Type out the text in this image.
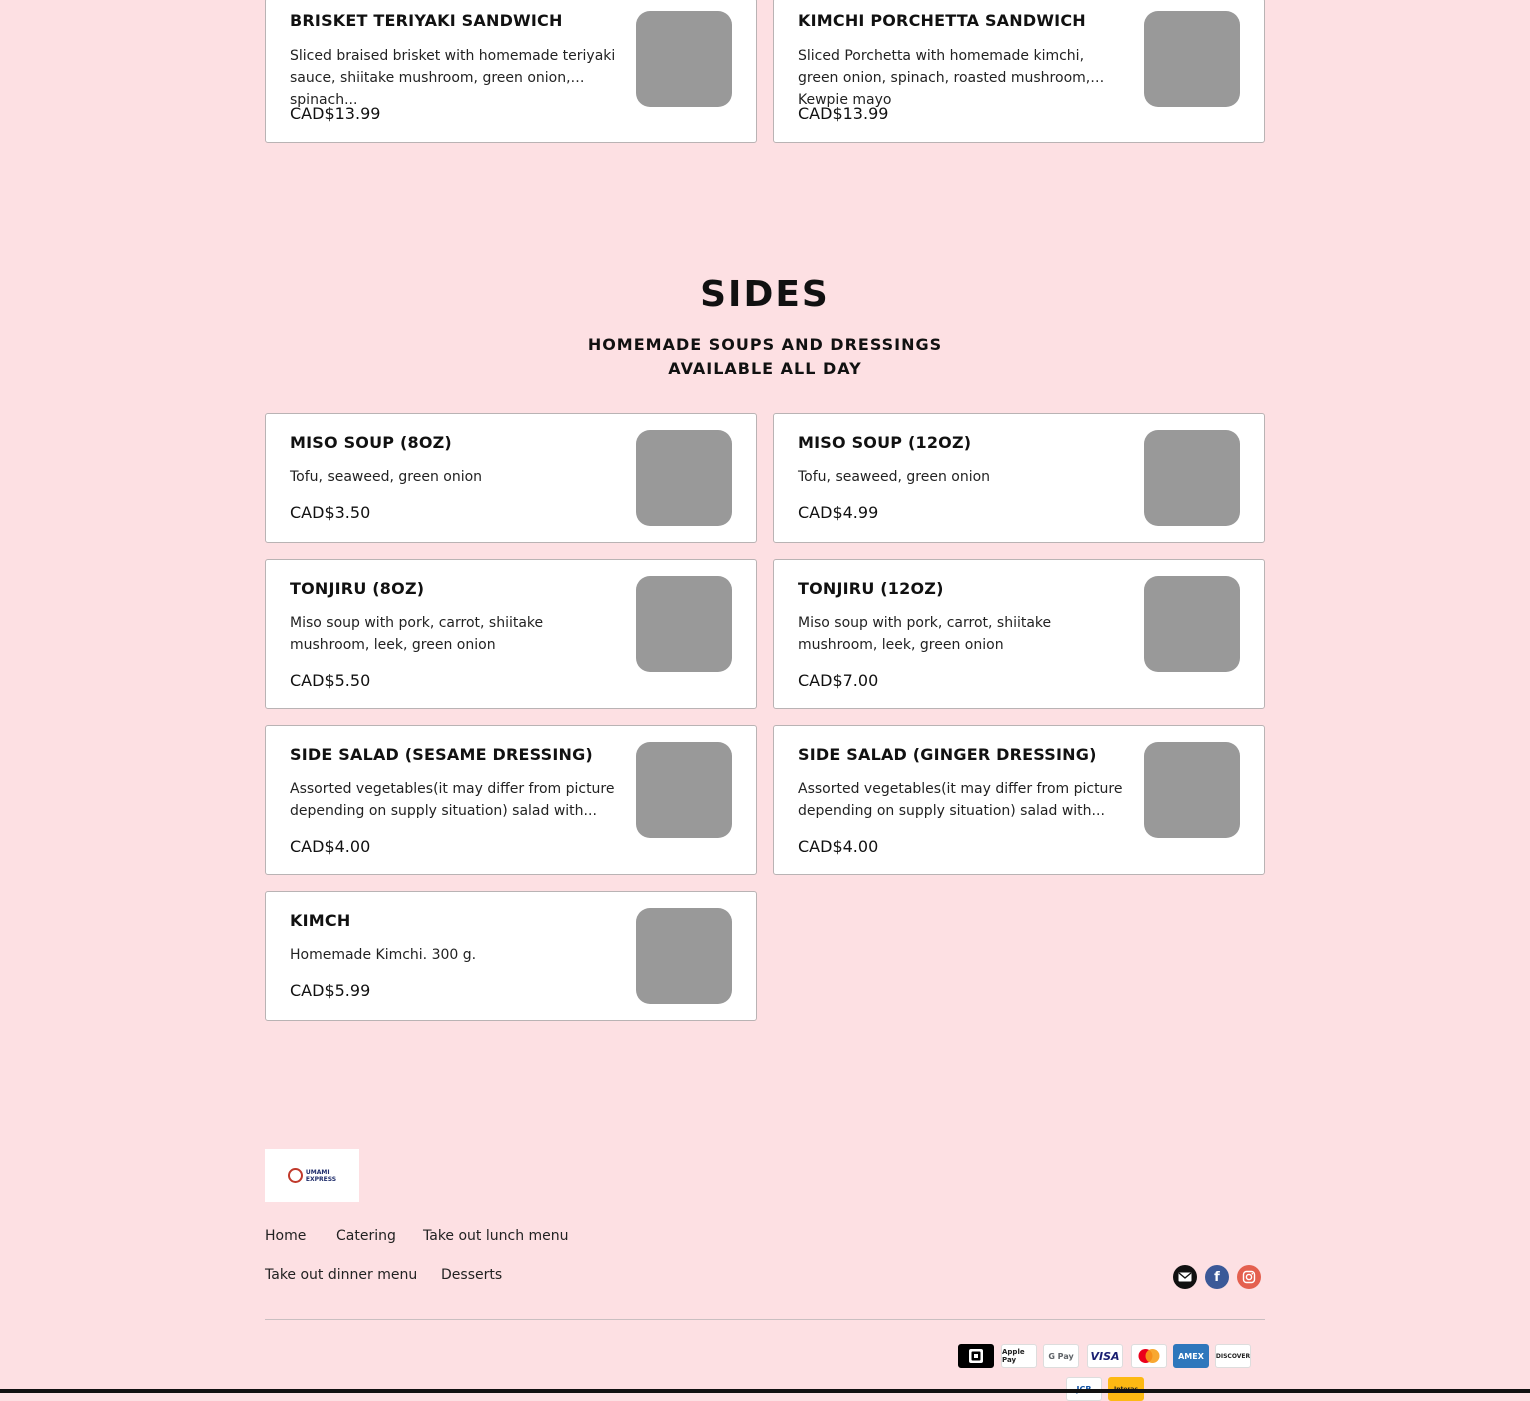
BRISKET TERIYAKI SANDWICH
Sliced braised brisket with homemade teriyaki sauce, shiitake mushroom, green onion, spinach...
CAD$13.99
KIMCHI PORCHETTA SANDWICH
Sliced Porchetta with homemade kimchi, green onion, spinach, roasted mushroom, Kewpie mayo
CAD$13.99
SIDES
HOMEMADE SOUPS AND DRESSINGS
AVAILABLE ALL DAY
MISO SOUP (8OZ)
Tofu, seaweed, green onion
CAD$3.50
MISO SOUP (12OZ)
Tofu, seaweed, green onion
CAD$4.99
TONJIRU (8OZ)
Miso soup with pork, carrot, shiitake mushroom, leek, green onion
CAD$5.50
TONJIRU (12OZ)
Miso soup with pork, carrot, shiitake mushroom, leek, green onion
CAD$7.00
SIDE SALAD (SESAME DRESSING)
Assorted vegetables(it may differ from picture depending on supply situation) salad with...
CAD$4.00
SIDE SALAD (GINGER DRESSING)
Assorted vegetables(it may differ from picture depending on supply situation) salad with...
CAD$4.00
KIMCH
Homemade Kimchi. 300 g.
CAD$5.99
UMAMI
EXPRESS
Home Catering Take out lunch menu
Take out dinner menu Desserts	f
Apple Pay	G Pay	VISA	AMEX	DISCOVER
